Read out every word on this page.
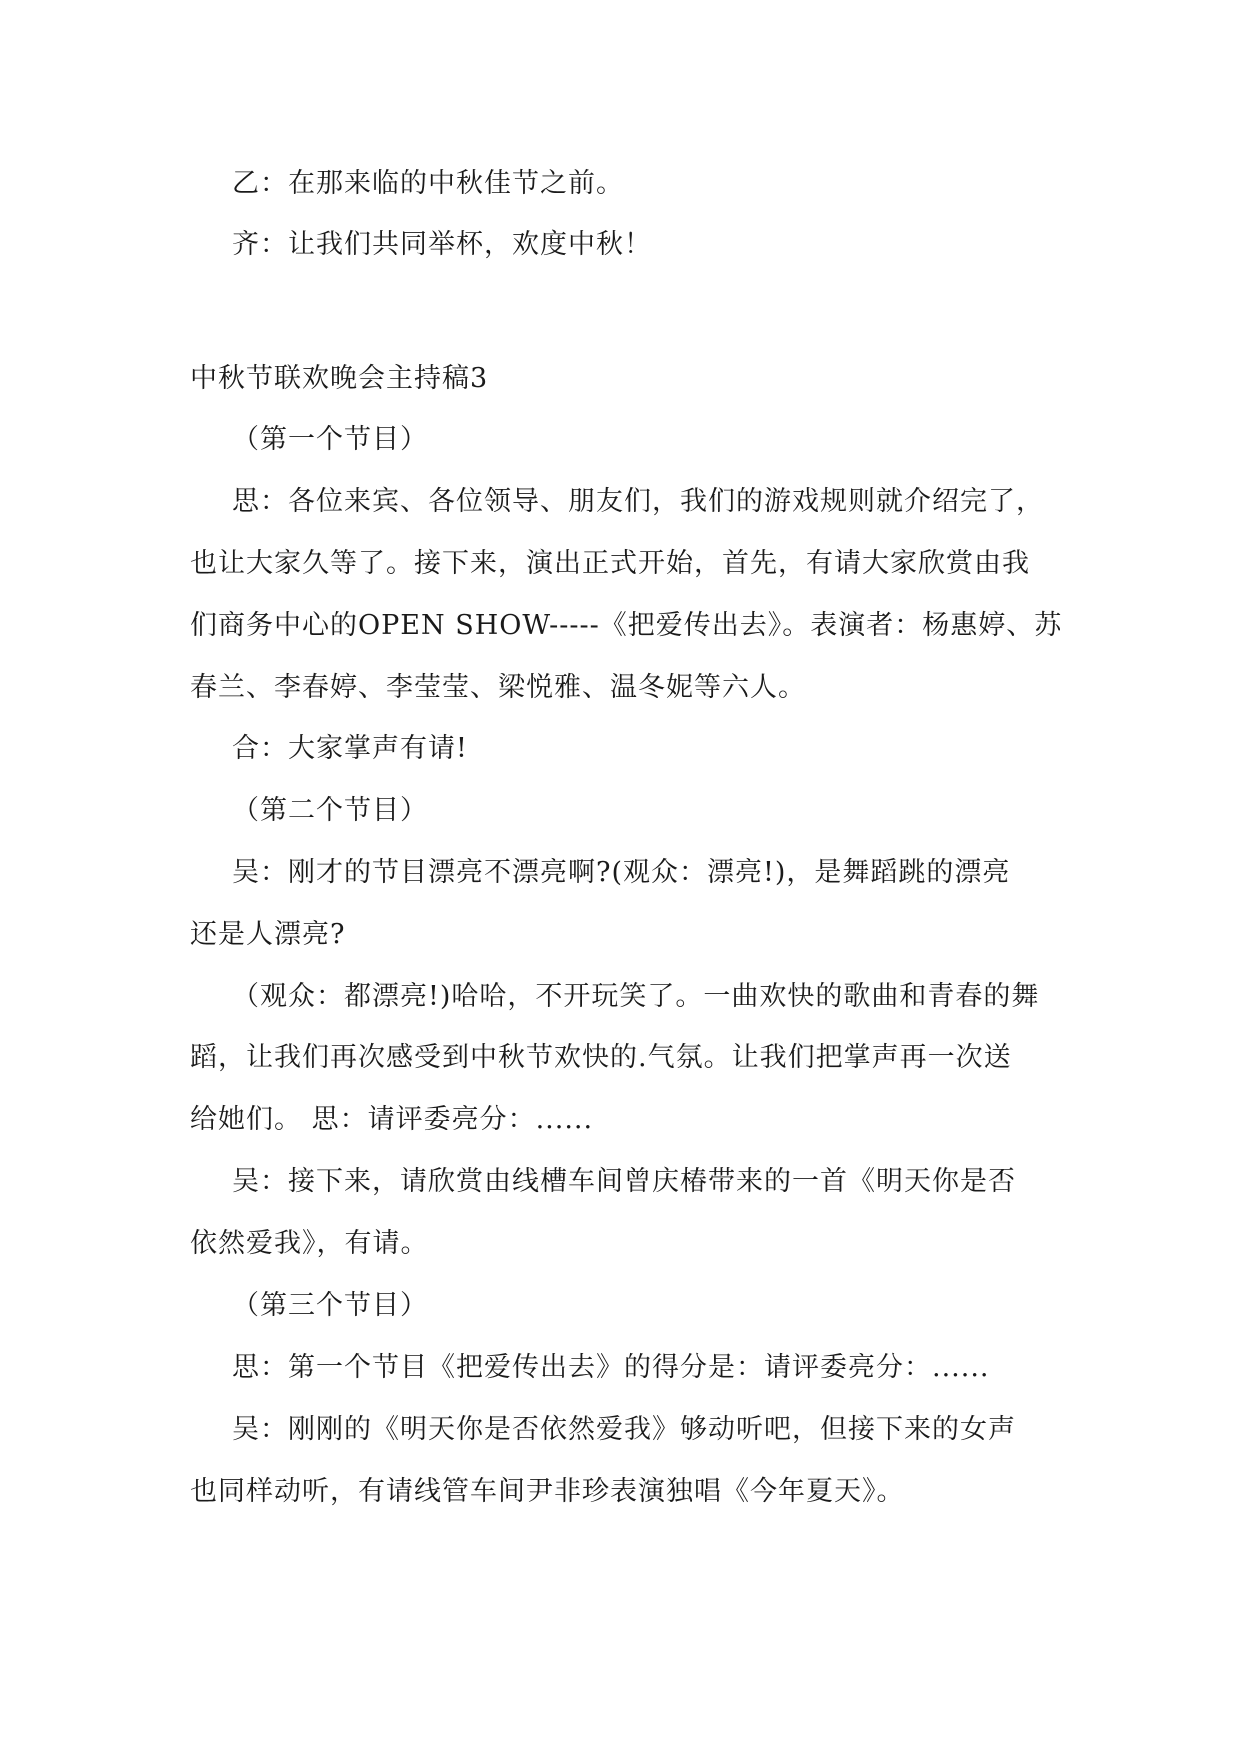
乙：在那来临的中秋佳节之前。
齐：让我们共同举杯，欢度中秋！
中秋节联欢晚会主持稿3
（第一个节目）
思：各位来宾、各位领导、朋友们，我们的游戏规则就介绍完了，
也让大家久等了。接下来，演出正式开始，首先，有请大家欣赏由我
们商务中心的OPEN SHOW-----《把爱传出去》。表演者：杨惠婷、苏
春兰、李春婷、李莹莹、梁悦雅、温冬妮等六人。
合：大家掌声有请!
（第二个节目）
吴：刚才的节目漂亮不漂亮啊?(观众：漂亮!)，是舞蹈跳的漂亮
还是人漂亮?
（观众：都漂亮!)哈哈，不开玩笑了。一曲欢快的歌曲和青春的舞
蹈，让我们再次感受到中秋节欢快的.气氛。让我们把掌声再一次送
给她们。 思：请评委亮分：......
吴：接下来，请欣赏由线槽车间曾庆椿带来的一首《明天你是否
依然爱我》，有请。
（第三个节目）
思：第一个节目《把爱传出去》的得分是：请评委亮分：......
吴：刚刚的《明天你是否依然爱我》够动听吧，但接下来的女声
也同样动听，有请线管车间尹非珍表演独唱《今年夏天》。
